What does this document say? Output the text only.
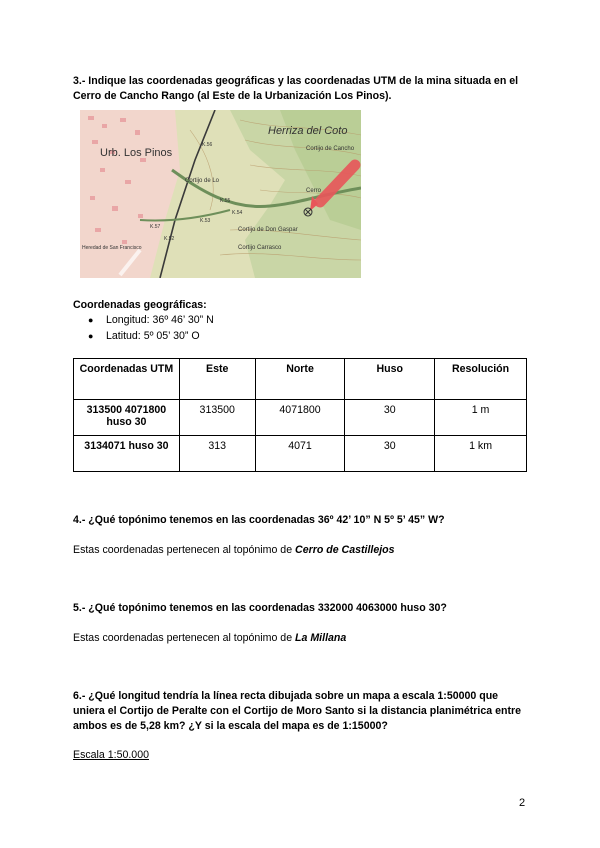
3.- Indique las coordenadas geográficas y las coordenadas UTM de la mina situada en el Cerro de Cancho Rango (al Este de la Urbanización Los Pinos).
Urb. Los Pinos
Herriza del Coto
Cortijo de Cancho
Cerro
Cortijo de Lo
Cortijo de Don Gaspar
Cortijo Carrasco
Heredad de San Francisco
K.56
K.55
K.54
K.53
K.52
K.57
Coordenadas geográficas:
● Longitud: 36º 46’ 30” N
● Latitud: 5º 05’ 30” O
Coordenadas UTM	Este	Norte	Huso	Resolución
313500 4071800 huso 30	313500	4071800	30	1 m
3134071 huso 30	313	4071	30	1 km
4.- ¿Qué topónimo tenemos en las coordenadas 36º 42’ 10” N 5º 5’ 45” W?
Estas coordenadas pertenecen al topónimo de Cerro de Castillejos
5.- ¿Qué topónimo tenemos en las coordenadas 332000 4063000 huso 30?
Estas coordenadas pertenecen al topónimo de La Millana
6.- ¿Qué longitud tendría la línea recta dibujada sobre un mapa a escala 1:50000 que uniera el Cortijo de Peralte con el Cortijo de Moro Santo si la distancia planimétrica entre ambos es de 5,28 km? ¿Y si la escala del mapa es de 1:15000?
Escala 1:50.000
2
